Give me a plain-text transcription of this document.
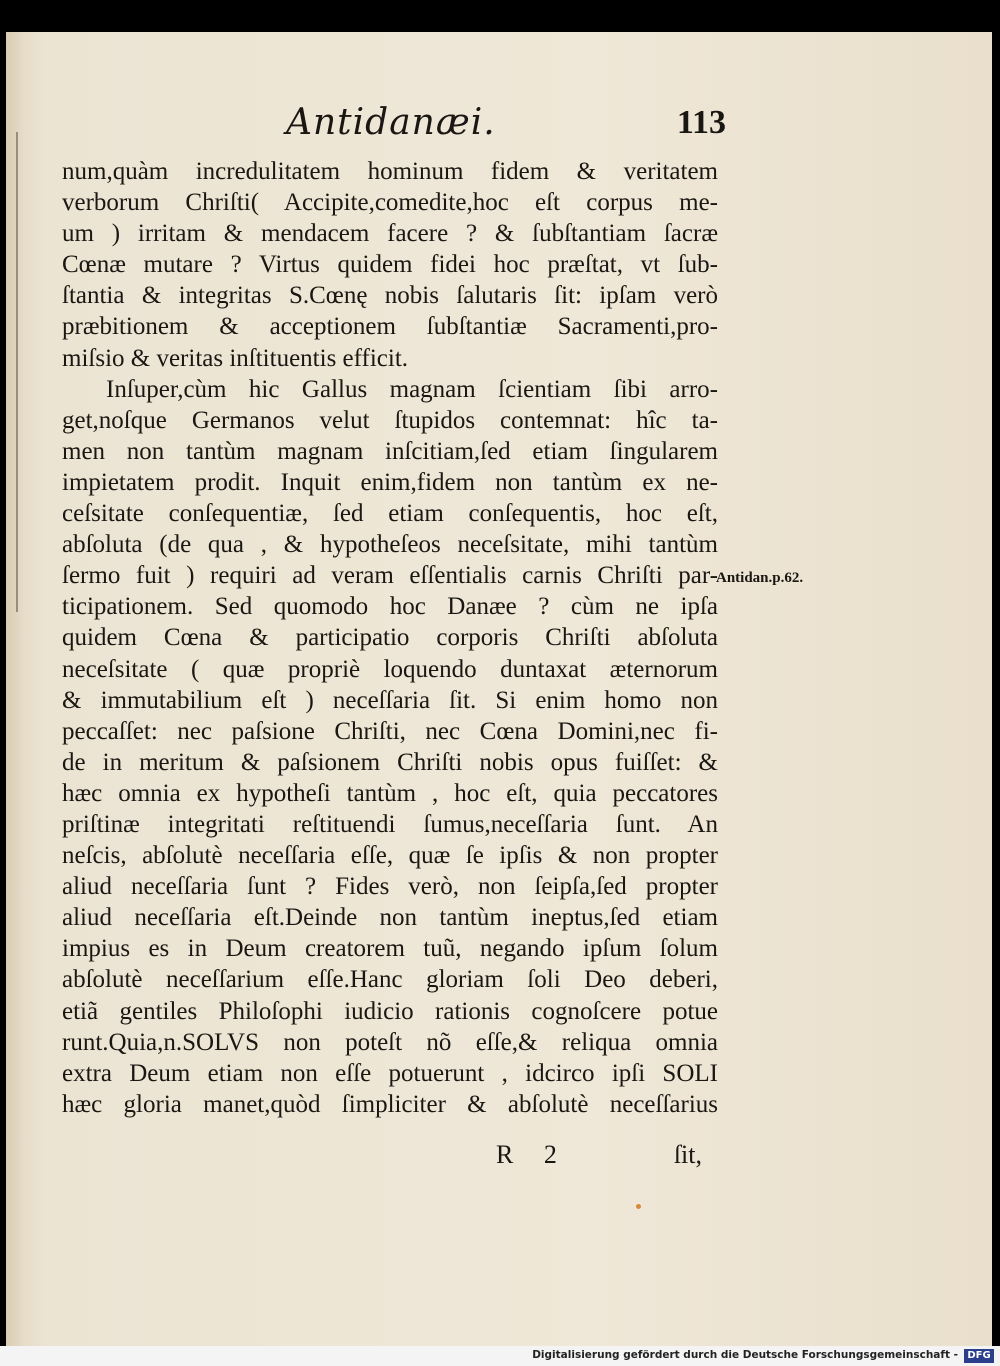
Antidanæi.	113
num,quàm incredulitatem hominum fidem & veritatem
verborum Chriſti( Accipite,comedite,hoc eſt corpus me-
um ) irritam & mendacem facere ? & ſubſtantiam ſacræ
Cœnæ mutare ? Virtus quidem fidei hoc præſtat, vt ſub-
ſtantia & integritas S.Cœnę nobis ſalutaris ſit: ipſam verò
præbitionem & acceptionem ſubſtantiæ Sacramenti,pro-
miſsio & veritas inſtituentis efficit.
Inſuper,cùm hic Gallus magnam ſcientiam ſibi arro-
get,noſque Germanos velut ſtupidos contemnat: hîc ta-
men non tantùm magnam inſcitiam,ſed etiam ſingularem
impietatem prodit. Inquit enim,fidem non tantùm ex ne-
ceſsitate conſequentiæ, ſed etiam conſequentis, hoc eſt,
abſoluta (de qua , & hypotheſeos neceſsitate, mihi tantùm
ſermo fuit ) requiri ad veram eſſentialis carnis Chriſti par-
ticipationem. Sed quomodo hoc Danæe ? cùm ne ipſa
quidem Cœna & participatio corporis Chriſti abſoluta
neceſsitate ( quæ propriè loquendo duntaxat æternorum
& immutabilium eſt ) neceſſaria ſit. Si enim homo non
peccaſſet: nec paſsione Chriſti, nec Cœna Domini,nec fi-
de in meritum & paſsionem Chriſti nobis opus fuiſſet: &
hæc omnia ex hypotheſi tantùm , hoc eſt, quia peccatores
priſtinæ integritati reſtituendi ſumus,neceſſaria ſunt. An
neſcis, abſolutè neceſſaria eſſe, quæ ſe ipſis & non propter
aliud neceſſaria ſunt ? Fides verò, non ſeipſa,ſed propter
aliud neceſſaria eſt.Deinde non tantùm ineptus,ſed etiam
impius es in Deum creatorem tuũ, negando ipſum ſolum
abſolutè neceſſarium eſſe.Hanc gloriam ſoli Deo deberi,
etiã gentiles Philoſophi iudicio rationis cognoſcere potue
runt.Quia,n.SOLVS non poteſt nõ eſſe,& reliqua omnia
extra Deum etiam non eſſe potuerunt , idcirco ipſi SOLI
hæc gloria manet,quòd ſimpliciter & abſolutè neceſſarius
Antidan.p.62.
R 2	ſit,
Digitalisierung gefördert durch die Deutsche Forschungsgemeinschaft - DFG
